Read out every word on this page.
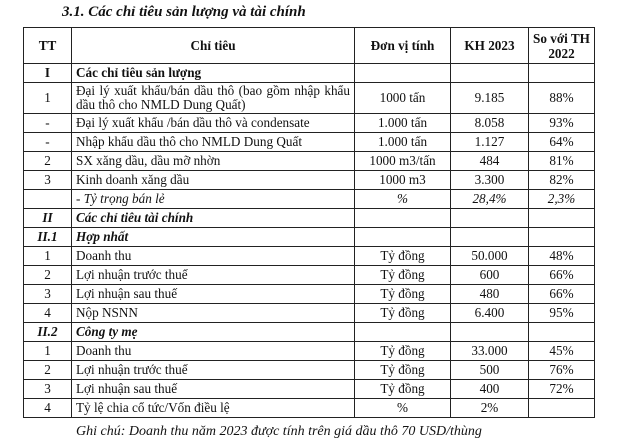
3.1. Các chỉ tiêu sản lượng và tài chính
TT	Chỉ tiêu	Đơn vị tính	KH 2023	So với TH 2022
I	Các chỉ tiêu sản lượng			
1	Đại lý xuất khẩu/bán dầu thô (bao gồm nhập khẩu dầu thô cho NMLD Dung Quất)	1000 tấn	9.185	88%
-	Đại lý xuất khẩu /bán dầu thô và condensate	1.000 tấn	8.058	93%
-	Nhập khẩu dầu thô cho NMLD Dung Quất	1.000 tấn	1.127	64%
2	SX xăng dầu, dầu mỡ nhờn	1000 m3/tấn	484	81%
3	Kinh doanh xăng dầu	1000 m3	3.300	82%
	- Tỷ trọng bán lẻ	%	28,4%	2,3%
II	Các chỉ tiêu tài chính			
II.1	Hợp nhất			
1	Doanh thu	Tỷ đồng	50.000	48%
2	Lợi nhuận trước thuế	Tỷ đồng	600	66%
3	Lợi nhuận sau thuế	Tỷ đồng	480	66%
4	Nộp NSNN	Tỷ đồng	6.400	95%
II.2	Công ty mẹ			
1	Doanh thu	Tỷ đồng	33.000	45%
2	Lợi nhuận trước thuế	Tỷ đồng	500	76%
3	Lợi nhuận sau thuế	Tỷ đồng	400	72%
4	Tỷ lệ chia cổ tức/Vốn điều lệ	%	2%	
Ghi chú: Doanh thu năm 2023 được tính trên giá dầu thô 70 USD/thùng
